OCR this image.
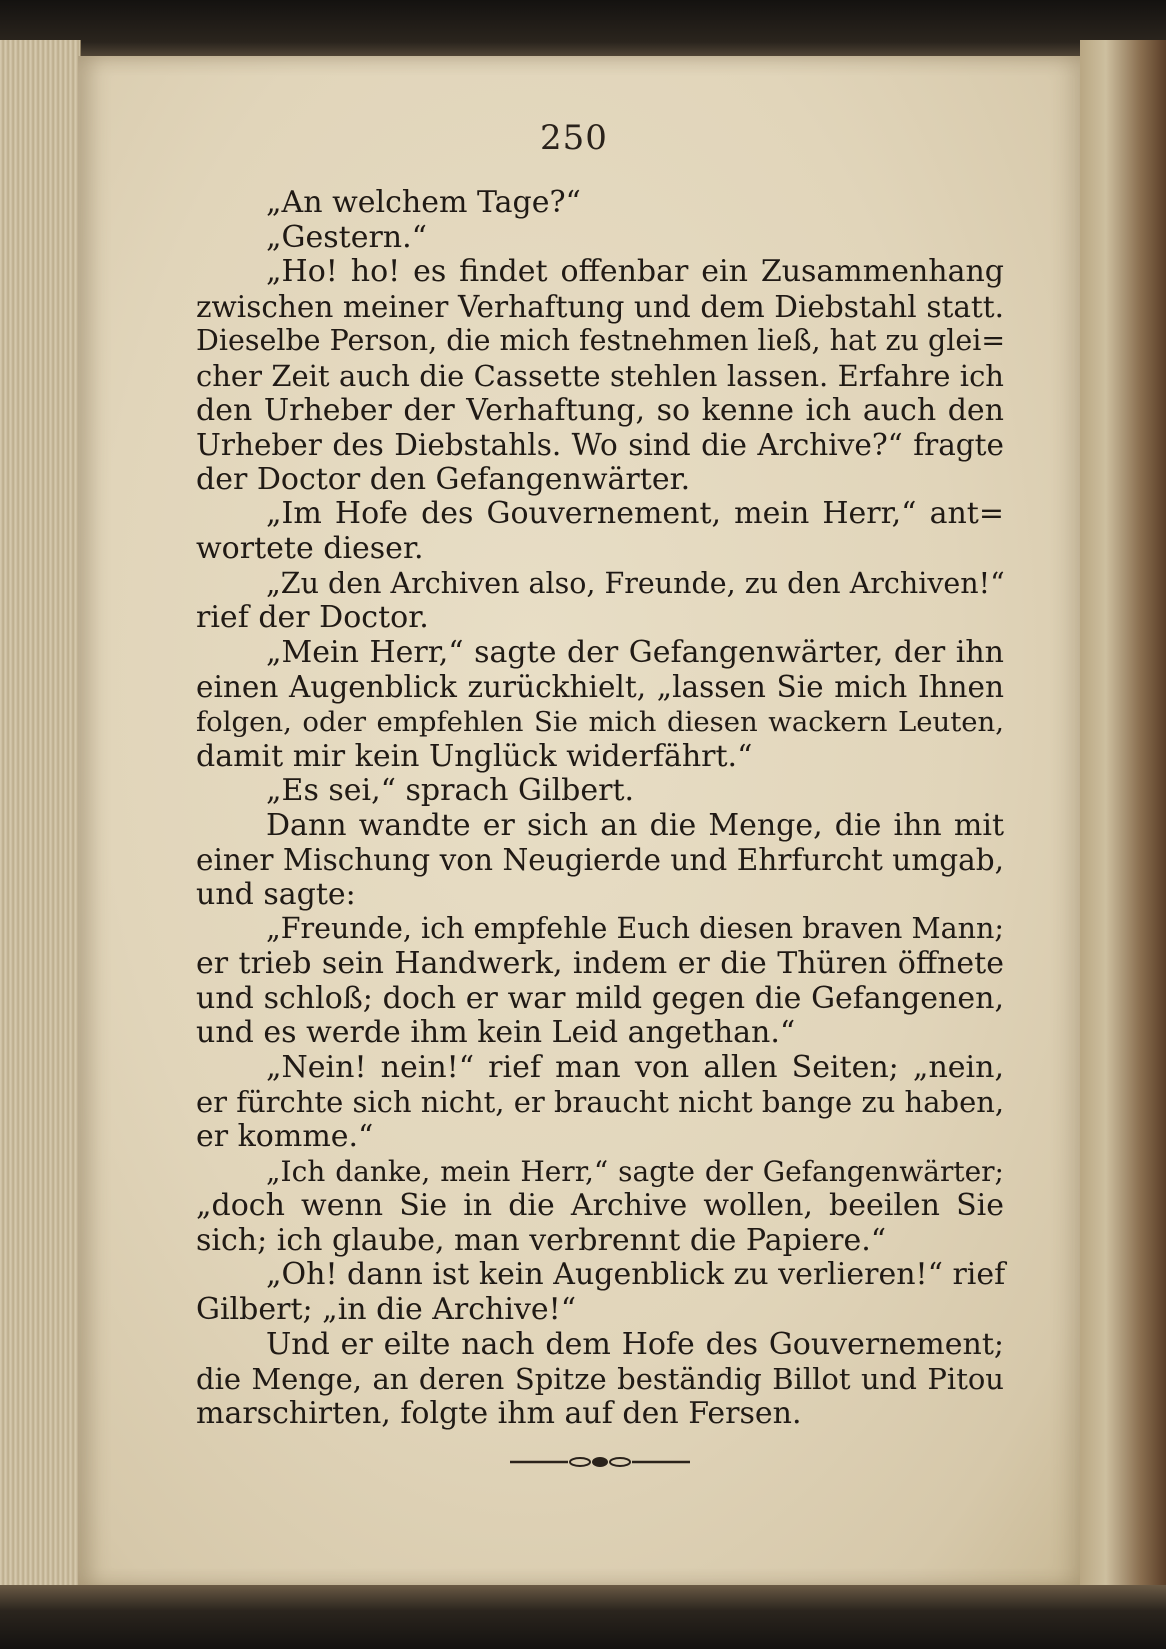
250
„An welchem Tage?“
„Gestern.“
„Ho! ho! es findet offenbar ein Zusammenhang
zwischen meiner Verhaftung und dem Diebstahl statt.
Dieselbe Person, die mich festnehmen ließ, hat zu glei=
cher Zeit auch die Cassette stehlen lassen. Erfahre ich
den Urheber der Verhaftung, so kenne ich auch den
Urheber des Diebstahls. Wo sind die Archive?“ fragte
der Doctor den Gefangenwärter.
„Im Hofe des Gouvernement, mein Herr,“ ant=
wortete dieser.
„Zu den Archiven also, Freunde, zu den Archiven!“
rief der Doctor.
„Mein Herr,“ sagte der Gefangenwärter, der ihn
einen Augenblick zurückhielt, „lassen Sie mich Ihnen
folgen, oder empfehlen Sie mich diesen wackern Leuten,
damit mir kein Unglück widerfährt.“
„Es sei,“ sprach Gilbert.
Dann wandte er sich an die Menge, die ihn mit
einer Mischung von Neugierde und Ehrfurcht umgab,
und sagte:
„Freunde, ich empfehle Euch diesen braven Mann;
er trieb sein Handwerk, indem er die Thüren öffnete
und schloß; doch er war mild gegen die Gefangenen,
und es werde ihm kein Leid angethan.“
„Nein! nein!“ rief man von allen Seiten; „nein,
er fürchte sich nicht, er braucht nicht bange zu haben,
er komme.“
„Ich danke, mein Herr,“ sagte der Gefangenwärter;
„doch wenn Sie in die Archive wollen, beeilen Sie
sich; ich glaube, man verbrennt die Papiere.“
„Oh! dann ist kein Augenblick zu verlieren!“ rief
Gilbert; „in die Archive!“
Und er eilte nach dem Hofe des Gouvernement;
die Menge, an deren Spitze beständig Billot und Pitou
marschirten, folgte ihm auf den Fersen.
